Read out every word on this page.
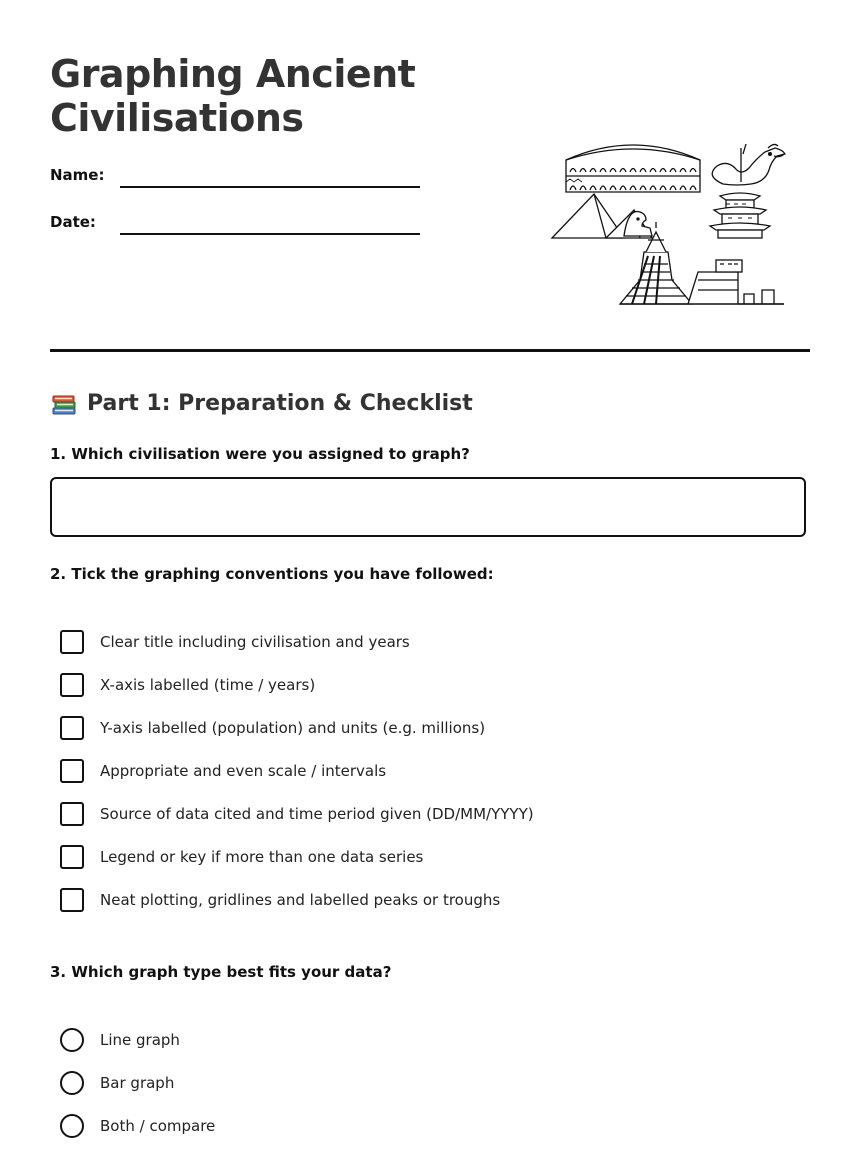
Graphing Ancient
Civilisations
Name:
Date:
Part 1: Preparation & Checklist

1. Which civilisation were you assigned to graph?

2. Tick the graphing conventions you have followed:

Clear title including civilisation and years
X-axis labelled (time / years)
Y-axis labelled (population) and units (e.g. millions)
Appropriate and even scale / intervals
Source of data cited and time period given (DD/MM/YYYY)
Legend or key if more than one data series
Neat plotting, gridlines and labelled peaks or troughs

3. Which graph type best fits your data?

Line graph
Bar graph
Both / compare
